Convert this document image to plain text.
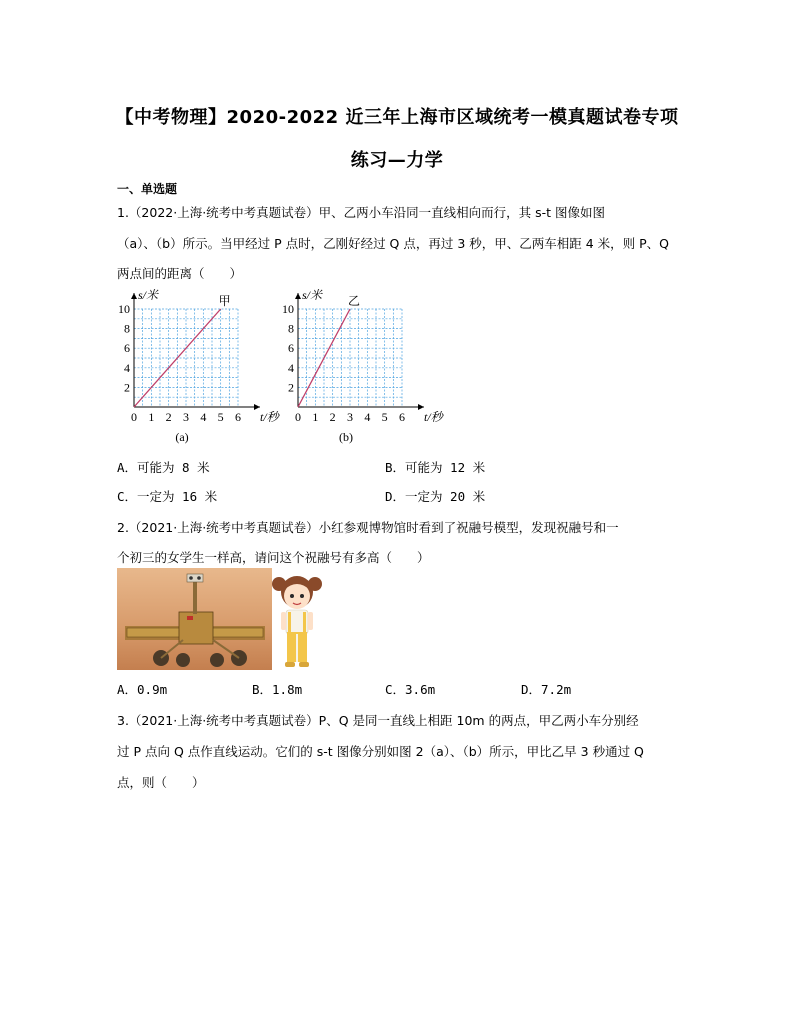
【中考物理】2020-2022 近三年上海市区域统考一模真题试卷专项
练习—力学
一、单选题
1.（2022·上海·统考中考真题试卷）甲、乙两小车沿同一直线相向而行，其 s-t 图像如图
（a）、（b）所示。当甲经过 P 点时，乙刚好经过 Q 点，再过 3 秒，甲、乙两车相距 4 米，则 P、Q
两点间的距离（　　）
0 1 2 3 4 5 6
2
4
6
8
10
t/秒
s/米	甲
(a)
0 1 2 3 4 5 6
2
4
6
8
10
t/秒
s/米 乙
(b)
A．可能为 8 米	B．可能为 12 米
C．一定为 16 米	D．一定为 20 米
2.（2021·上海·统考中考真题试卷）小红参观博物馆时看到了祝融号模型，发现祝融号和一
个初三的女学生一样高，请问这个祝融号有多高（　　）
A．0.9m	B．1.8m	C．3.6m	D．7.2m
3.（2021·上海·统考中考真题试卷）P、Q 是同一直线上相距 10m 的两点，甲乙两小车分别经
过 P 点向 Q 点作直线运动。它们的 s-t 图像分别如图 2（a）、（b）所示，甲比乙早 3 秒通过 Q
点，则（　　）
